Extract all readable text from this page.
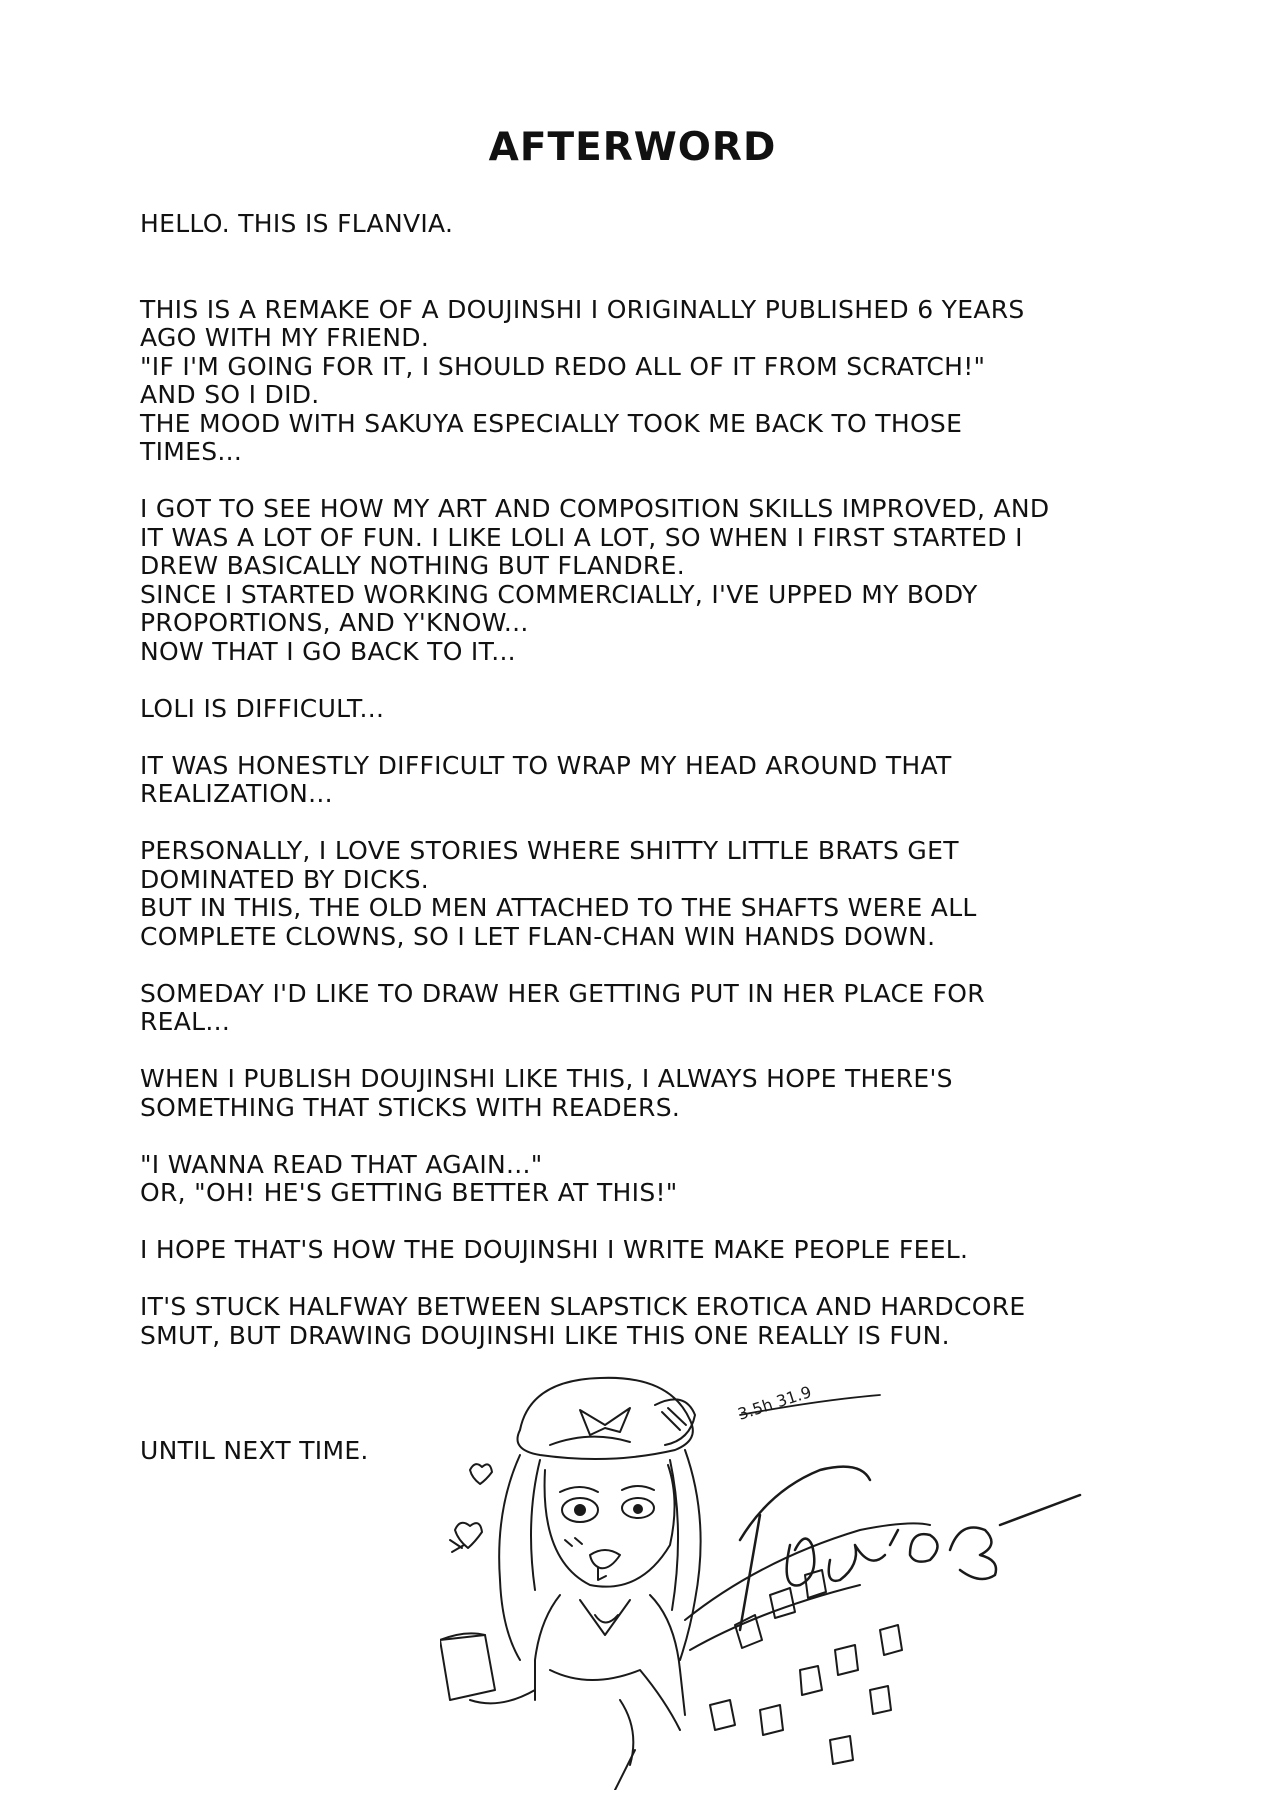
AFTERWORD
HELLO. THIS IS FLANVIA.
THIS IS A REMAKE OF A DOUJINSHI I ORIGINALLY PUBLISHED 6 YEARS
AGO WITH MY FRIEND.
"IF I'M GOING FOR IT, I SHOULD REDO ALL OF IT FROM SCRATCH!"
AND SO I DID.
THE MOOD WITH SAKUYA ESPECIALLY TOOK ME BACK TO THOSE
TIMES...
I GOT TO SEE HOW MY ART AND COMPOSITION SKILLS IMPROVED, AND
IT WAS A LOT OF FUN. I LIKE LOLI A LOT, SO WHEN I FIRST STARTED I
DREW BASICALLY NOTHING BUT FLANDRE.
SINCE I STARTED WORKING COMMERCIALLY, I'VE UPPED MY BODY
PROPORTIONS, AND Y'KNOW...
NOW THAT I GO BACK TO IT...
LOLI IS DIFFICULT...
IT WAS HONESTLY DIFFICULT TO WRAP MY HEAD AROUND THAT
REALIZATION...
PERSONALLY, I LOVE STORIES WHERE SHITTY LITTLE BRATS GET
DOMINATED BY DICKS.
BUT IN THIS, THE OLD MEN ATTACHED TO THE SHAFTS WERE ALL
COMPLETE CLOWNS, SO I LET FLAN-CHAN WIN HANDS DOWN.
SOMEDAY I'D LIKE TO DRAW HER GETTING PUT IN HER PLACE FOR
REAL...
WHEN I PUBLISH DOUJINSHI LIKE THIS, I ALWAYS HOPE THERE'S
SOMETHING THAT STICKS WITH READERS.
"I WANNA READ THAT AGAIN..."
OR, "OH! HE'S GETTING BETTER AT THIS!"
I HOPE THAT'S HOW THE DOUJINSHI I WRITE MAKE PEOPLE FEEL.
IT'S STUCK HALFWAY BETWEEN SLAPSTICK EROTICA AND HARDCORE
SMUT, BUT DRAWING DOUJINSHI LIKE THIS ONE REALLY IS FUN.
UNTIL NEXT TIME.
3.5h 31.9
Flan'a
